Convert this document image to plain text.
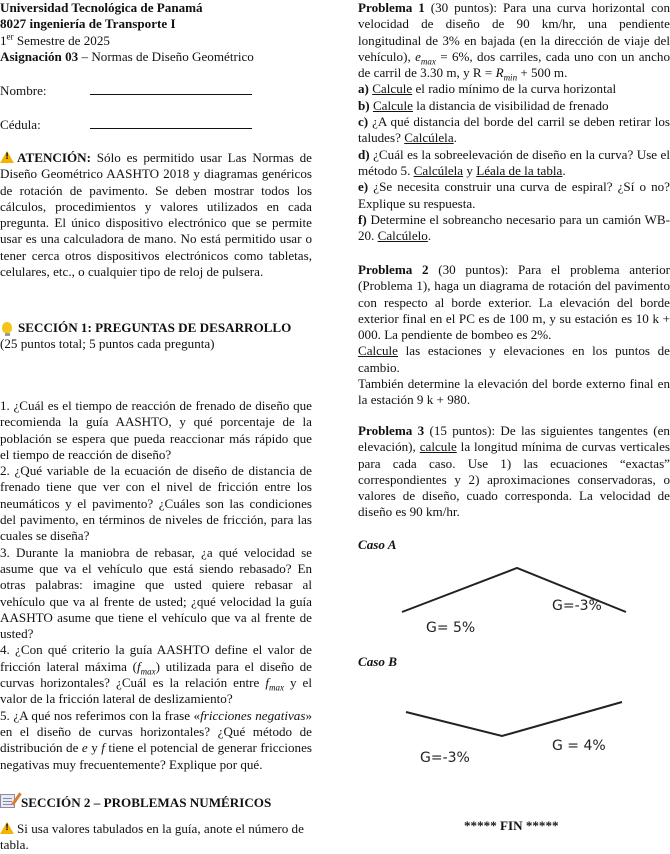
Universidad Tecnológica de Panamá

8027 ingeniería de Transporte I

1er Semestre de 2025

Asignación 03 – Normas de Diseño Geométrico

Nombre:
Cédula:

!ATENCIÓN: Sólo es permitido usar Las Normas de Diseño Geométrico AASHTO 2018 y diagramas genéricos de rotación de pavimento. Se deben mostrar todos los cálculos, procedimientos y valores utilizados en cada pregunta. El único dispositivo electrónico que se permite usar es una calculadora de mano. No está permitido usar o tener cerca otros dispositivos electrónicos como tabletas, celulares, etc., o cualquier tipo de reloj de pulsera.

SECCIÓN 1: PREGUNTAS DE DESARROLLO

(25 puntos total; 5 puntos cada pregunta)

1. ¿Cuál es el tiempo de reacción de frenado de diseño que recomienda la guía AASHTO, y qué porcentaje de la población se espera que pueda reaccionar más rápido que el tiempo de reacción de diseño?

2. ¿Qué variable de la ecuación de diseño de distancia de frenado tiene que ver con el nivel de fricción entre los neumáticos y el pavimento? ¿Cuáles son las condiciones del pavimento, en términos de niveles de fricción, para las cuales se diseña?

3. Durante la maniobra de rebasar, ¿a qué velocidad se asume que va el vehículo que está siendo rebasado? En otras palabras: imagine que usted quiere rebasar al vehículo que va al frente de usted; ¿qué velocidad la guía AASHTO asume que tiene el vehículo que va al frente de usted?

4. ¿Con qué criterio la guía AASHTO define el valor de fricción lateral máxima $(f_{max})$ utilizada para el diseño de curvas horizontales? ¿Cuál es la relación entre $f_{max}$ y el valor de la fricción lateral de deslizamiento?

5. ¿A qué nos referimos con la frase «fricciones negativas» en el diseño de curvas horizontales? ¿Qué método de distribución de e y f tiene el potencial de generar fricciones negativas muy frecuentemente? Explique por qué.

SECCIÓN 2 – PROBLEMAS NUMÉRICOS

!Si usa valores tabulados en la guía, anote el número de tabla.

Problema 1 (30 puntos): Para una curva horizontal con velocidad de diseño de 90 km/hr, una pendiente longitudinal de 3% en bajada (en la dirección de viaje del vehículo), $e_{max} = 6\%$, dos carriles, cada uno con un ancho de carril de 3.30 m, y $R = R_{min} + 500$ m.

a) Calcule el radio mínimo de la curva horizontal

b) Calcule la distancia de visibilidad de frenado

c) ¿A qué distancia del borde del carril se deben retirar los taludes? Calcúlela.

d) ¿Cuál es la sobreelevación de diseño en la curva? Use el método 5. Calcúlela y Léala de la tabla.

e) ¿Se necesita construir una curva de espiral? ¿Sí o no? Explique su respuesta.

f) Determine el sobreancho necesario para un camión WB-20. Calcúlelo.

Problema 2 (30 puntos): Para el problema anterior (Problema 1), haga un diagrama de rotación del pavimento con respecto al borde exterior. La elevación del borde exterior final en el PC es de 100 m, y su estación es 10 k + 000. La pendiente de bombeo es 2%.

Calcule las estaciones y elevaciones en los puntos de cambio.

También determine la elevación del borde externo final en la estación 9 k + 980.

Problema 3 (15 puntos): De las siguientes tangentes (en elevación), calcule la longitud mínima de curvas verticales para cada caso. Use 1) las ecuaciones “exactas” correspondientes y 2) aproximaciones conservadoras, o valores de diseño, cuado corresponda. La velocidad de diseño es 90 km/hr.

Caso A

Caso B

***** FIN *****

G= 5%
G=-3%
G=-3%
G = 4%
